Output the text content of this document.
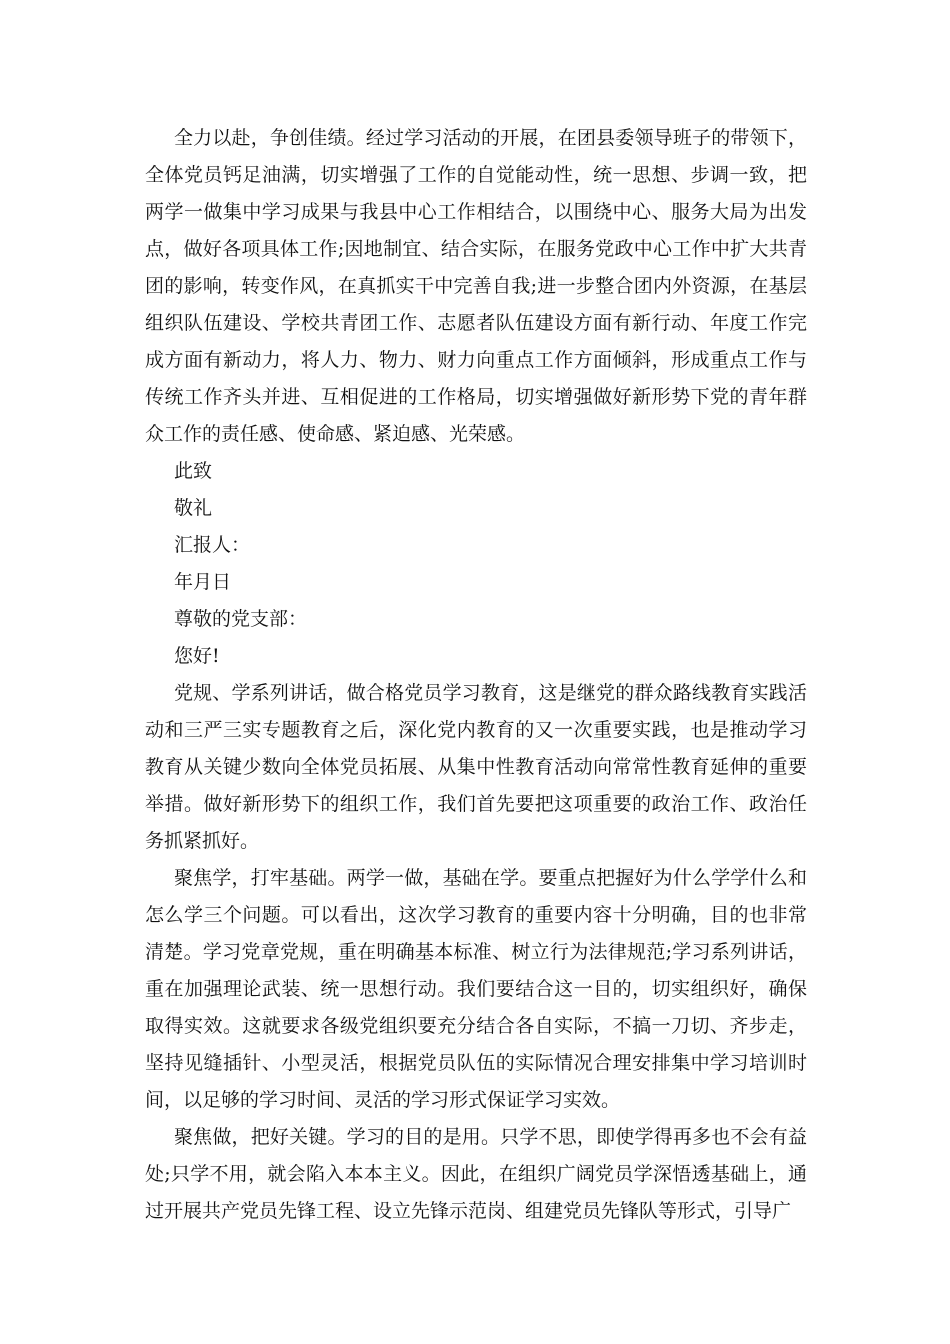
全力以赴，争创佳绩。经过学习活动的开展，在团县委领导班子的带领下，全体党员钙足油满，切实增强了工作的自觉能动性，统一思想、步调一致，把两学一做集中学习成果与我县中心工作相结合，以围绕中心、服务大局为出发点，做好各项具体工作;因地制宜、结合实际，在服务党政中心工作中扩大共青团的影响，转变作风，在真抓实干中完善自我;进一步整合团内外资源，在基层组织队伍建设、学校共青团工作、志愿者队伍建设方面有新行动、年度工作完成方面有新动力，将人力、物力、财力向重点工作方面倾斜，形成重点工作与传统工作齐头并进、互相促进的工作格局，切实增强做好新形势下党的青年群众工作的责任感、使命感、紧迫感、光荣感。

此致

敬礼

汇报人：

年月日

尊敬的党支部：

您好!

党规、学系列讲话，做合格党员学习教育，这是继党的群众路线教育实践活动和三严三实专题教育之后，深化党内教育的又一次重要实践，也是推动学习教育从关键少数向全体党员拓展、从集中性教育活动向常常性教育延伸的重要举措。做好新形势下的组织工作，我们首先要把这项重要的政治工作、政治任务抓紧抓好。

聚焦学，打牢基础。两学一做，基础在学。要重点把握好为什么学学什么和怎么学三个问题。可以看出，这次学习教育的重要内容十分明确，目的也非常清楚。学习党章党规，重在明确基本标准、树立行为法律规范;学习系列讲话，重在加强理论武装、统一思想行动。我们要结合这一目的，切实组织好，确保取得实效。这就要求各级党组织要充分结合各自实际，不搞一刀切、齐步走，坚持见缝插针、小型灵活，根据党员队伍的实际情况合理安排集中学习培训时间，以足够的学习时间、灵活的学习形式保证学习实效。

聚焦做，把好关键。学习的目的是用。只学不思，即使学得再多也不会有益处;只学不用，就会陷入本本主义。因此，在组织广阔党员学深悟透基础上，通过开展共产党员先锋工程、设立先锋示范岗、组建党员先锋队等形式，引导广
